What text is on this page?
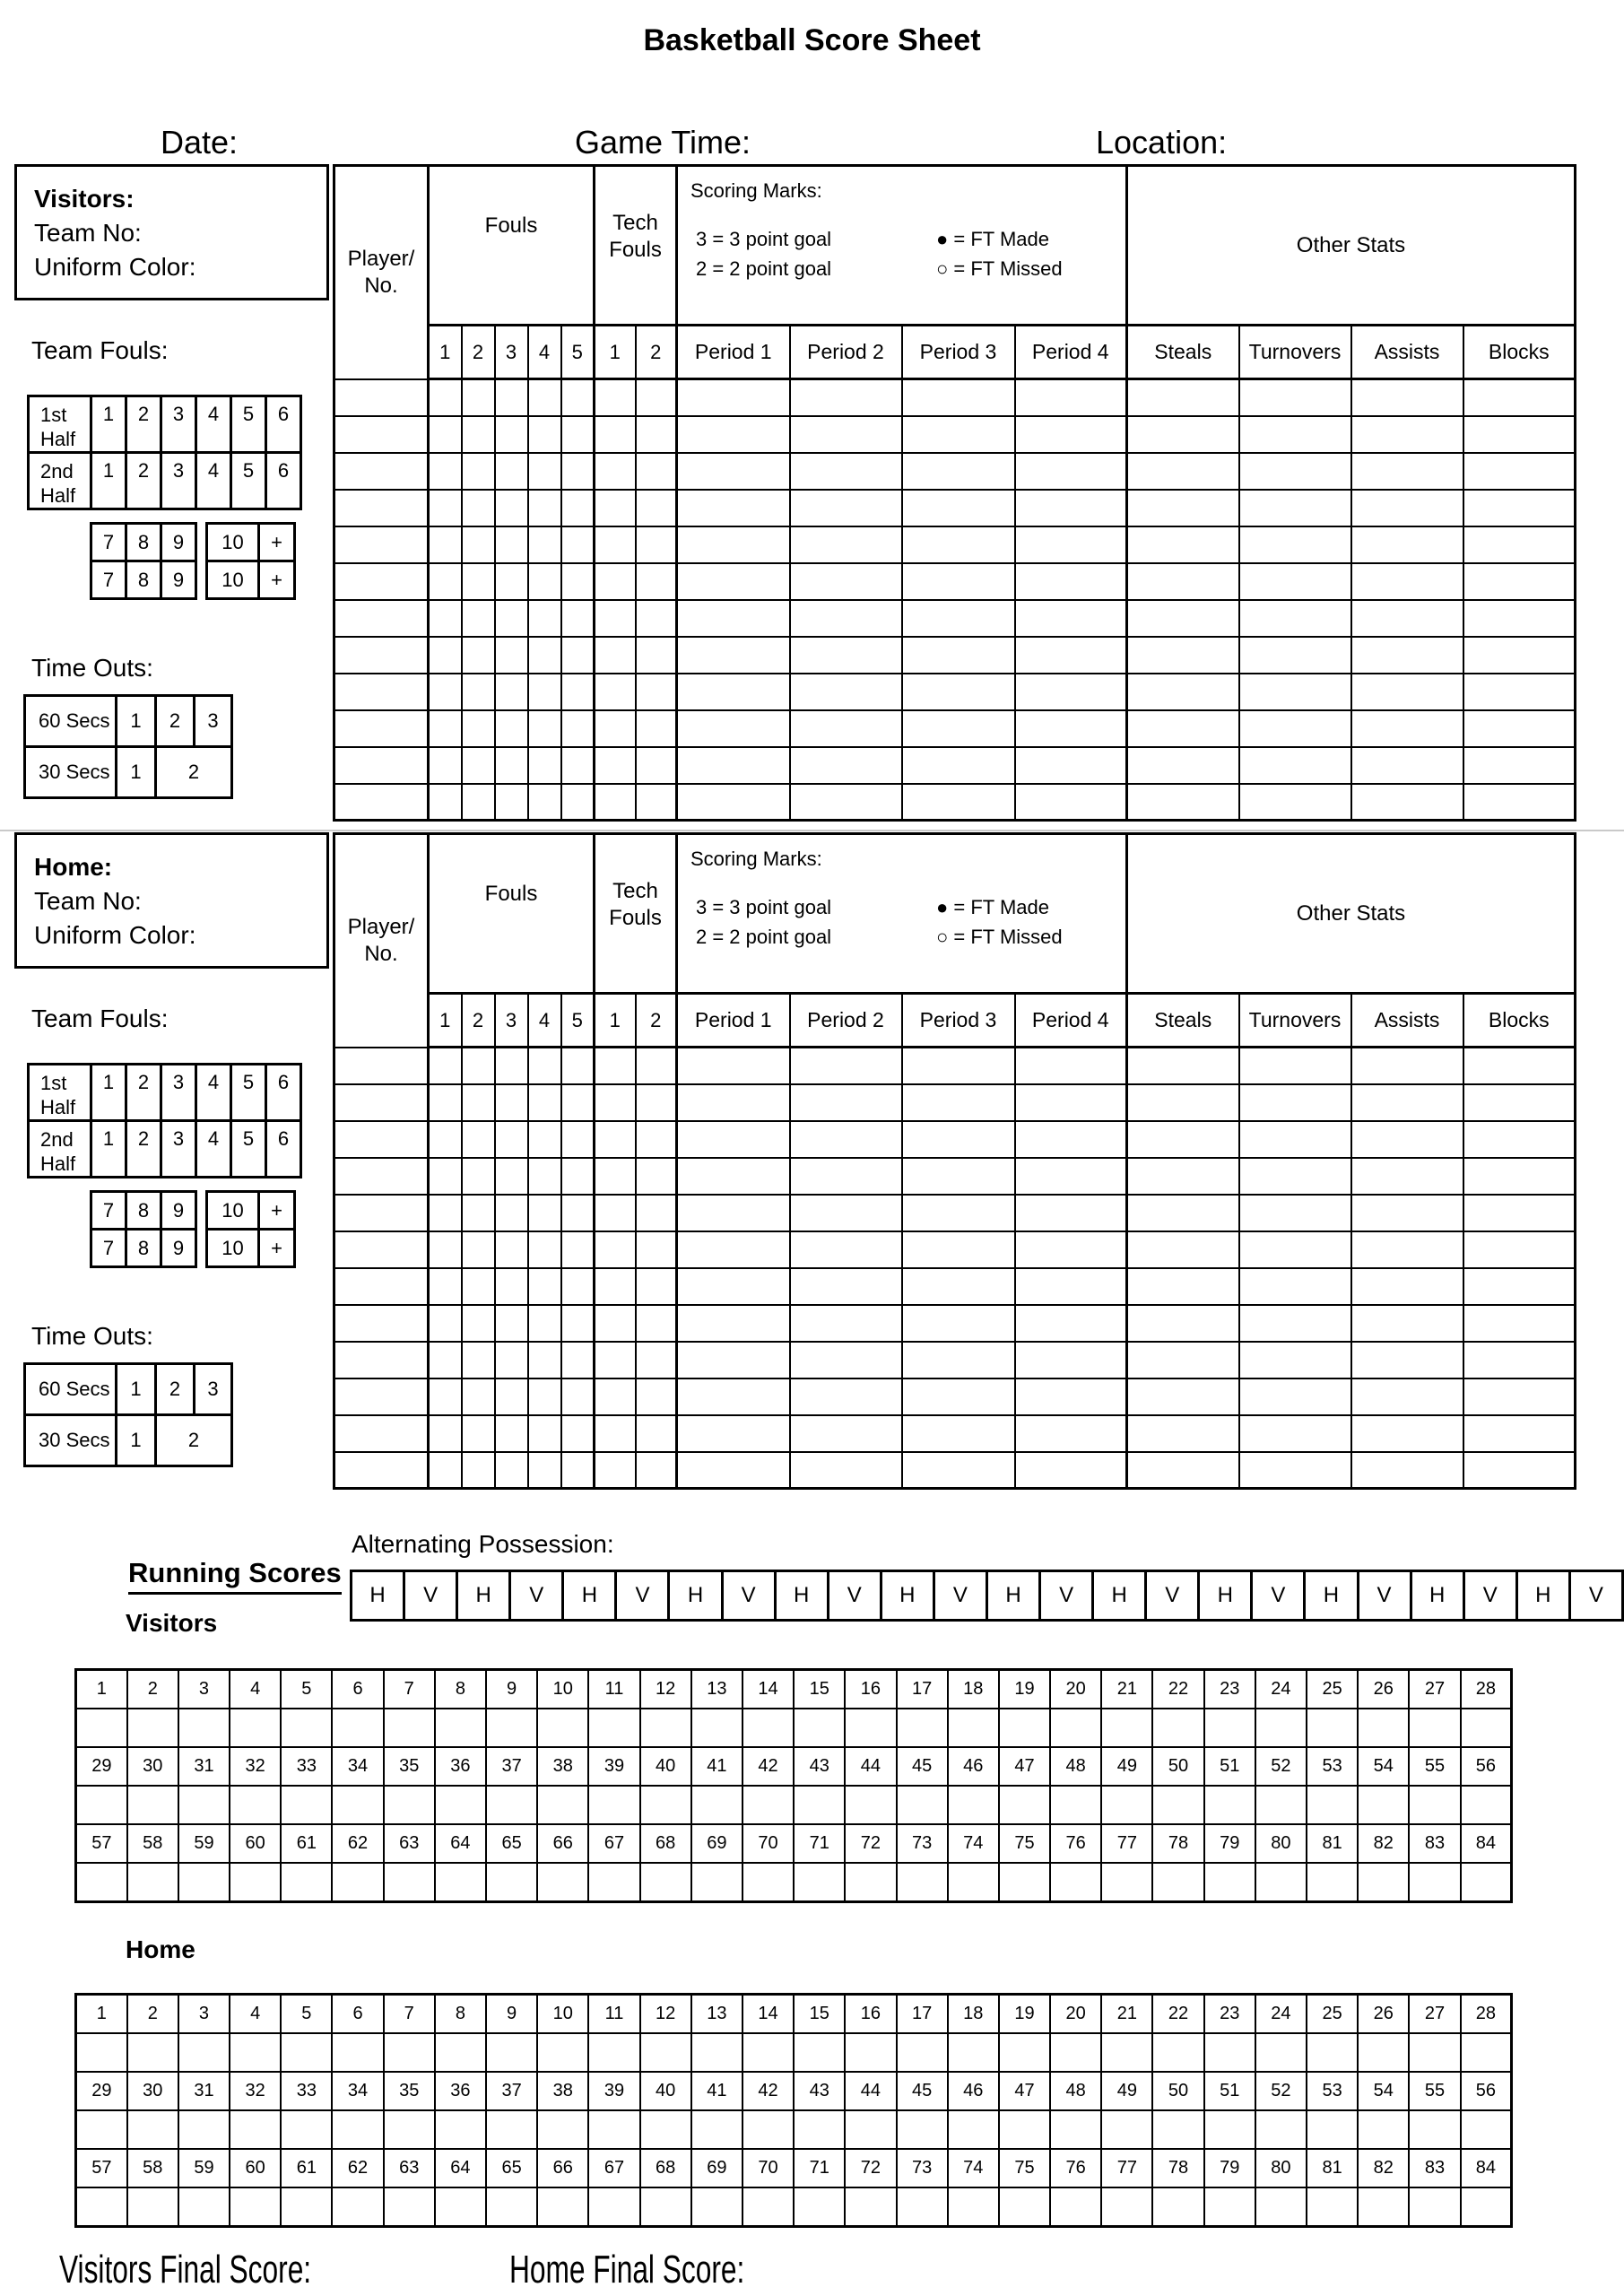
Basketball Score Sheet
Date:	Game Time:	Location:
Visitors:
Team No:
Uniform Color:
Team Fouls:
1st Half	1	2	3	4	5	6
2nd Half	1	2	3	4	5	6
7	8	9
7	8	9
10	+
10	+
Time Outs:
60 Secs	1	2	3
30 Secs	1	2	
Player/
No.
	Fouls	Tech Fouls	
Scoring Marks:
3 = 3 point goal
2 = 2 point goal
● = FT Made
○ = FT Missed
	Other Stats
	1	2	3	4	5	1	2	Period 1	Period 2	Period 3	Period 4	Steals	Turnovers	Assists	Blocks

Home:
Team No:
Uniform Color:
Team Fouls:
1st Half	1	2	3	4	5	6
2nd Half	1	2	3	4	5	6
7	8	9
7	8	9
10	+
10	+
Time Outs:
60 Secs	1	2	3
30 Secs	1	2	
Player/
No.
	Fouls	Tech Fouls	
Scoring Marks:
3 = 3 point goal
2 = 2 point goal
● = FT Made
○ = FT Missed
	Other Stats
	1	2	3	4	5	1	2	Period 1	Period 2	Period 3	Period 4	Steals	Turnovers	Assists	Blocks

Running Scores
Alternating Possession:
H	V	H	V	H	V	H	V	H	V	H	V	H	V	H	V	H	V	H	V	H	V	H	V
Visitors
1	2	3	4	5	6	7	8	9	10	11	12	13	14	15	16	17	18	19	20	21	22	23	24	25	26	27	28

29	30	31	32	33	34	35	36	37	38	39	40	41	42	43	44	45	46	47	48	49	50	51	52	53	54	55	56

57	58	59	60	61	62	63	64	65	66	67	68	69	70	71	72	73	74	75	76	77	78	79	80	81	82	83	84

Home
1	2	3	4	5	6	7	8	9	10	11	12	13	14	15	16	17	18	19	20	21	22	23	24	25	26	27	28

29	30	31	32	33	34	35	36	37	38	39	40	41	42	43	44	45	46	47	48	49	50	51	52	53	54	55	56

57	58	59	60	61	62	63	64	65	66	67	68	69	70	71	72	73	74	75	76	77	78	79	80	81	82	83	84

Visitors Final Score:	Home Final Score:
